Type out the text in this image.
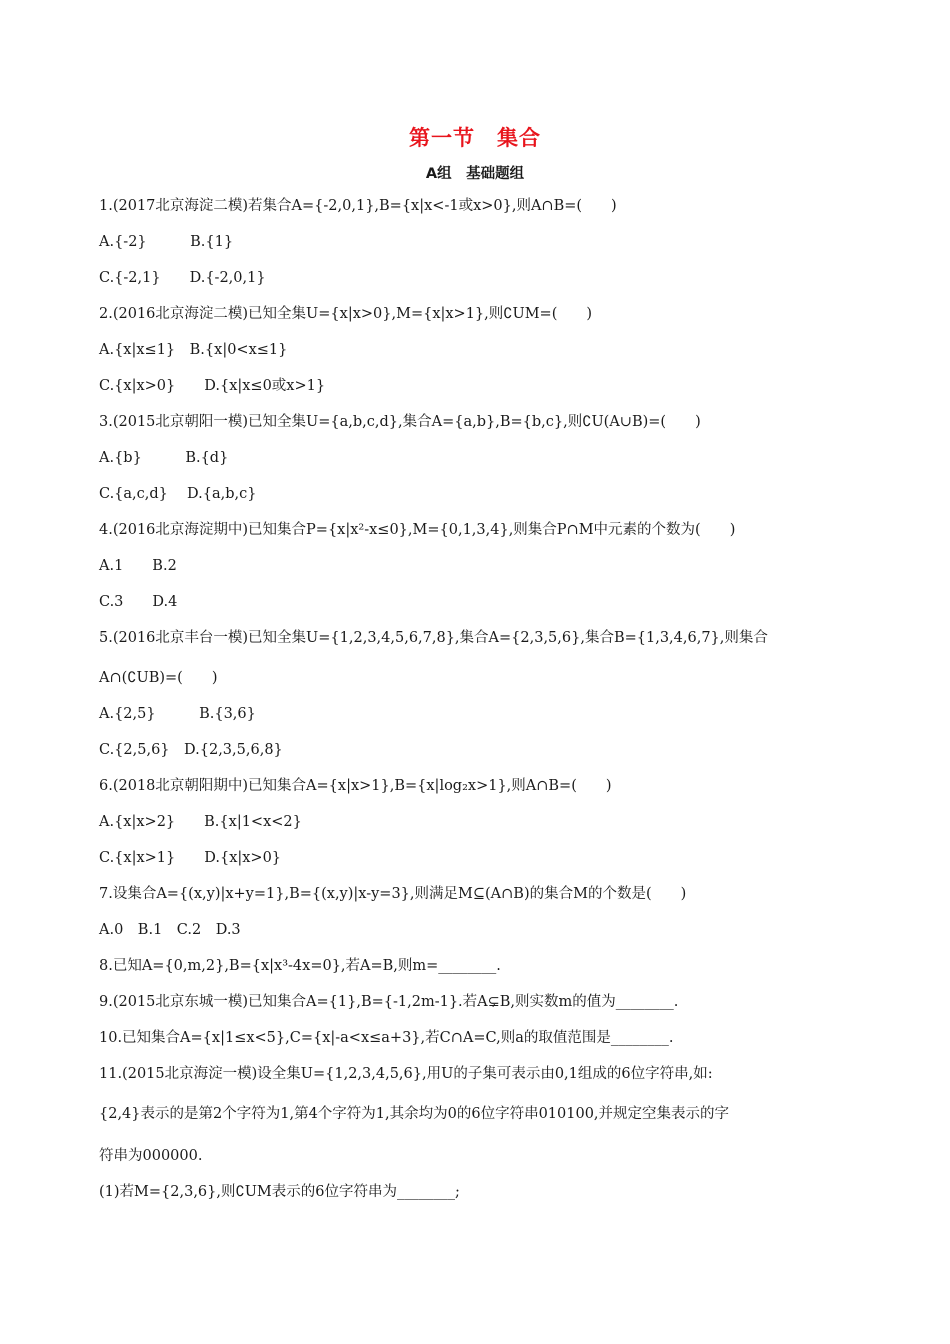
第一节　集合
A组　基础题组
1.(2017北京海淀二模)若集合A={-2,0,1},B={x|x<-1或x>0},则A∩B=(　　)
A.{-2}　　　B.{1}
C.{-2,1}　　D.{-2,0,1}
2.(2016北京海淀二模)已知全集U={x|x>0},M={x|x>1},则∁UM=(　　)
A.{x|x≤1}　B.{x|0<x≤1}
C.{x|x>0}　　D.{x|x≤0或x>1}
3.(2015北京朝阳一模)已知全集U={a,b,c,d},集合A={a,b},B={b,c},则∁U(A∪B)=(　　)
A.{b}　　　B.{d}
C.{a,c,d}　 D.{a,b,c}
4.(2016北京海淀期中)已知集合P={x|x²-x≤0},M={0,1,3,4},则集合P∩M中元素的个数为(　　)
A.1　　B.2
C.3　　D.4
5.(2016北京丰台一模)已知全集U={1,2,3,4,5,6,7,8},集合A={2,3,5,6},集合B={1,3,4,6,7},则集合
A∩(∁UB)=(　　)
A.{2,5}　　　B.{3,6}
C.{2,5,6}　D.{2,3,5,6,8}
6.(2018北京朝阳期中)已知集合A={x|x>1},B={x|log₂x>1},则A∩B=(　　)
A.{x|x>2}　　B.{x|1<x<2}
C.{x|x>1}　　D.{x|x>0}
7.设集合A={(x,y)|x+y=1},B={(x,y)|x-y=3},则满足M⊆(A∩B)的集合M的个数是(　　)
A.0　B.1　C.2　D.3
8.已知A={0,m,2},B={x|x³-4x=0},若A=B,则m=________.
9.(2015北京东城一模)已知集合A={1},B={-1,2m-1}.若A⊊B,则实数m的值为________.
10.已知集合A={x|1≤x<5},C={x|-a<x≤a+3},若C∩A=C,则a的取值范围是________.
11.(2015北京海淀一模)设全集U={1,2,3,4,5,6},用U的子集可表示由0,1组成的6位字符串,如:
{2,4}表示的是第2个字符为1,第4个字符为1,其余均为0的6位字符串010100,并规定空集表示的字
符串为000000.
(1)若M={2,3,6},则∁UM表示的6位字符串为________;
